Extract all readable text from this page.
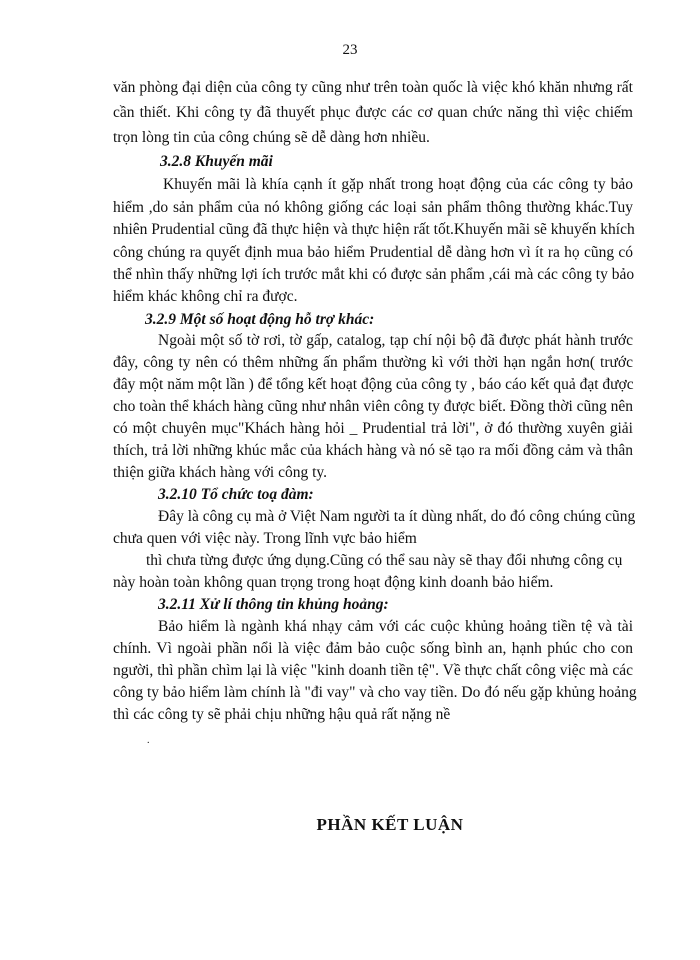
23
văn phòng đại diện của công ty cũng như trên toàn quốc là việc khó khăn nhưng rất
cần thiết. Khi công ty đã thuyết phục được các cơ quan chức năng thì việc chiếm
trọn lòng tin của công chúng sẽ dễ dàng hơn nhiều.
3.2.8 Khuyến mãi
Khuyến mãi là khía cạnh ít gặp nhất trong hoạt động của các công ty bảo
hiểm ,do sản phẩm của nó không giống các loại sản phẩm thông thường khác.Tuy
nhiên Prudential cũng đã thực hiện và thực hiện rất tốt.Khuyến mãi sẽ khuyến khích
công chúng ra quyết định mua bảo hiểm Prudential dễ dàng hơn vì ít ra họ cũng có
thể nhìn thấy những lợi ích trước mắt khi có được sản phẩm ,cái mà các công ty bảo
hiểm khác không chỉ ra được.
3.2.9 Một số hoạt động hỗ trợ khác:
Ngoài một số tờ rơi, tờ gấp, catalog, tạp chí nội bộ đã được phát hành trước
đây, công ty nên có thêm những ấn phẩm thường kì với thời hạn ngắn hơn( trước
đây một năm một lần ) để tổng kết hoạt động của công ty , báo cáo kết quả đạt được
cho toàn thể khách hàng cũng như nhân viên công ty được biết. Đồng thời cũng nên
có một chuyên mục"Khách hàng hỏi _ Prudential trả lời", ở đó thường xuyên giải
thích, trả lời những khúc mắc của khách hàng và nó sẽ tạo ra mối đồng cảm và thân
thiện giữa khách hàng với công ty.
3.2.10 Tổ chức toạ đàm:
Đây là công cụ mà ở Việt Nam người ta ít dùng nhất, do đó công chúng cũng
chưa quen với việc này. Trong lĩnh vực bảo hiểm
thì chưa từng được ứng dụng.Cũng có thể sau này sẽ thay đổi nhưng công cụ
này hoàn toàn không quan trọng trong hoạt động kinh doanh bảo hiểm.
3.2.11 Xử lí thông tin khủng hoảng:
Bảo hiểm là ngành khá nhạy cảm với các cuộc khủng hoảng tiền tệ và tài
chính. Vì ngoài phần nổi là việc đảm bảo cuộc sống bình an, hạnh phúc cho con
người, thì phần chìm lại là việc "kinh doanh tiền tệ". Về thực chất công việc mà các
công ty bảo hiểm làm chính là "đi vay" và cho vay tiền. Do đó nếu gặp khủng hoảng
thì các công ty sẽ phải chịu những hậu quả rất nặng nề
.
PHẦN KẾT LUẬN
